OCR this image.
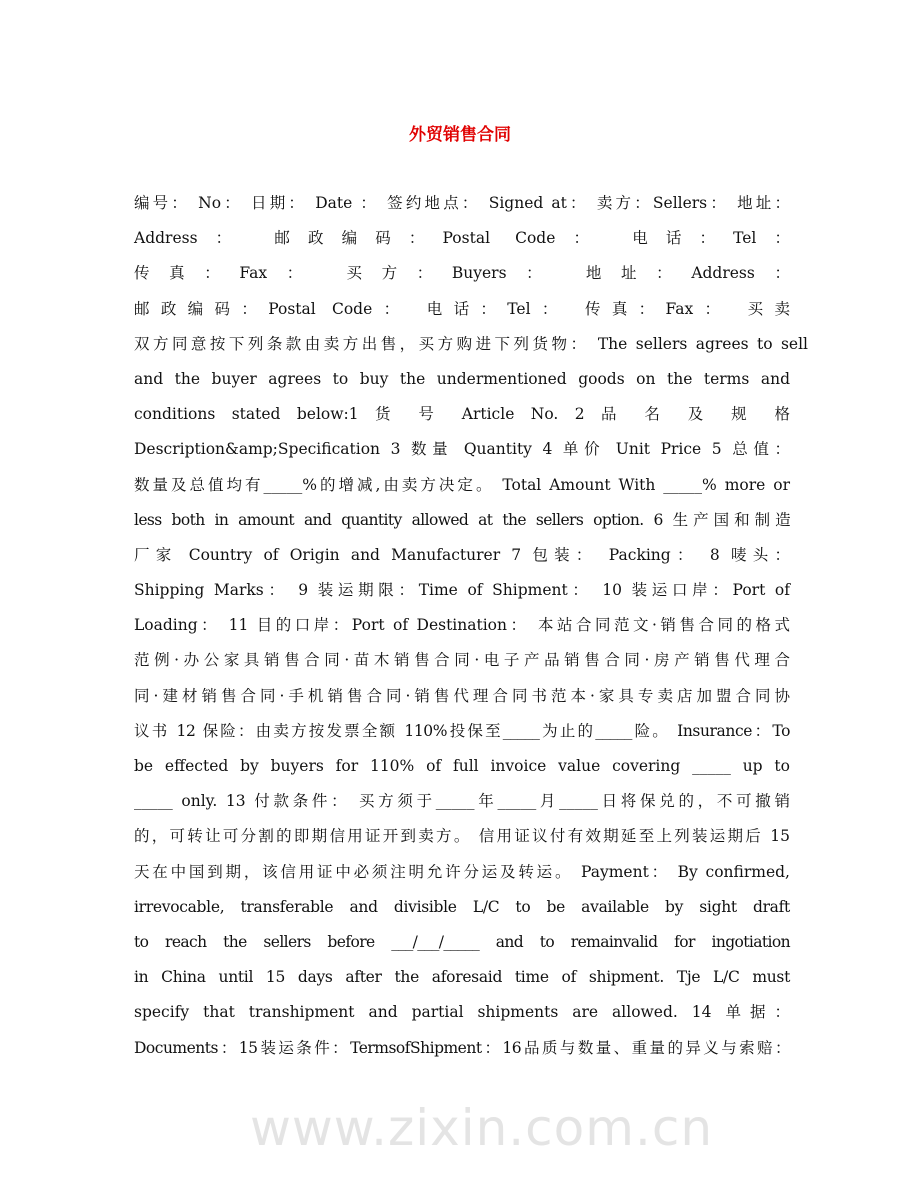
外贸销售合同
编号： No： 日期： Date ： 签约地点： Signed at： 卖方：Sellers： 地址：
Address： 邮政编码：Postal Code： 电话：Tel：
传真：Fax： 买方：Buyers： 地址：Address：
邮政编码：Postal Code： 电话：Tel： 传真：Fax： 买卖
双方同意按下列条款由卖方出售，买方购进下列货物： The sellers agrees to sell
and the buyer agrees to buy the undermentioned goods on the terms and
conditions stated below:1 货 号 Article No. 2 品 名 及 规 格
Description&amp;Specification 3 数量 Quantity 4 单价 Unit Price 5 总值：
数量及总值均有_____%的增减,由卖方决定。 Total Amount With _____% more or
less both in amount and quantity allowed at the sellers option. 6 生产国和制造
厂家 Country of Origin and Manufacturer 7 包装： Packing： 8 唛头：
Shipping Marks： 9 装运期限：Time of Shipment： 10 装运口岸：Port of
Loading： 11 目的口岸：Port of Destination： 本站合同范文·销售合同的格式
范例·办公家具销售合同·苗木销售合同·电子产品销售合同·房产销售代理合
同·建材销售合同·手机销售合同·销售代理合同书范本·家具专卖店加盟合同协
议书 12 保险：由卖方按发票全额 110%投保至_____为止的_____险。 Insurance：To
be effected by buyers for 110% of full invoice value covering _____ up to
_____ only. 13 付款条件： 买方须于_____年_____月_____日将保兑的，不可撤销
的，可转让可分割的即期信用证开到卖方。 信用证议付有效期延至上列装运期后 15
天在中国到期，该信用证中必须注明允许分运及转运。 Payment： By confirmed,
irrevocable, transferable and divisible L/C to be available by sight draft
to reach the sellers before ___/___/_____ and to remainvalid for ingotiation
in China until 15 days after the aforesaid time of shipment. Tje L/C must
specify that transhipment and partial shipments are allowed. 14 单据：
Documents：15装运条件：TermsofShipment：16品质与数量、重量的异义与索赔：
www.zixin.com.cn
